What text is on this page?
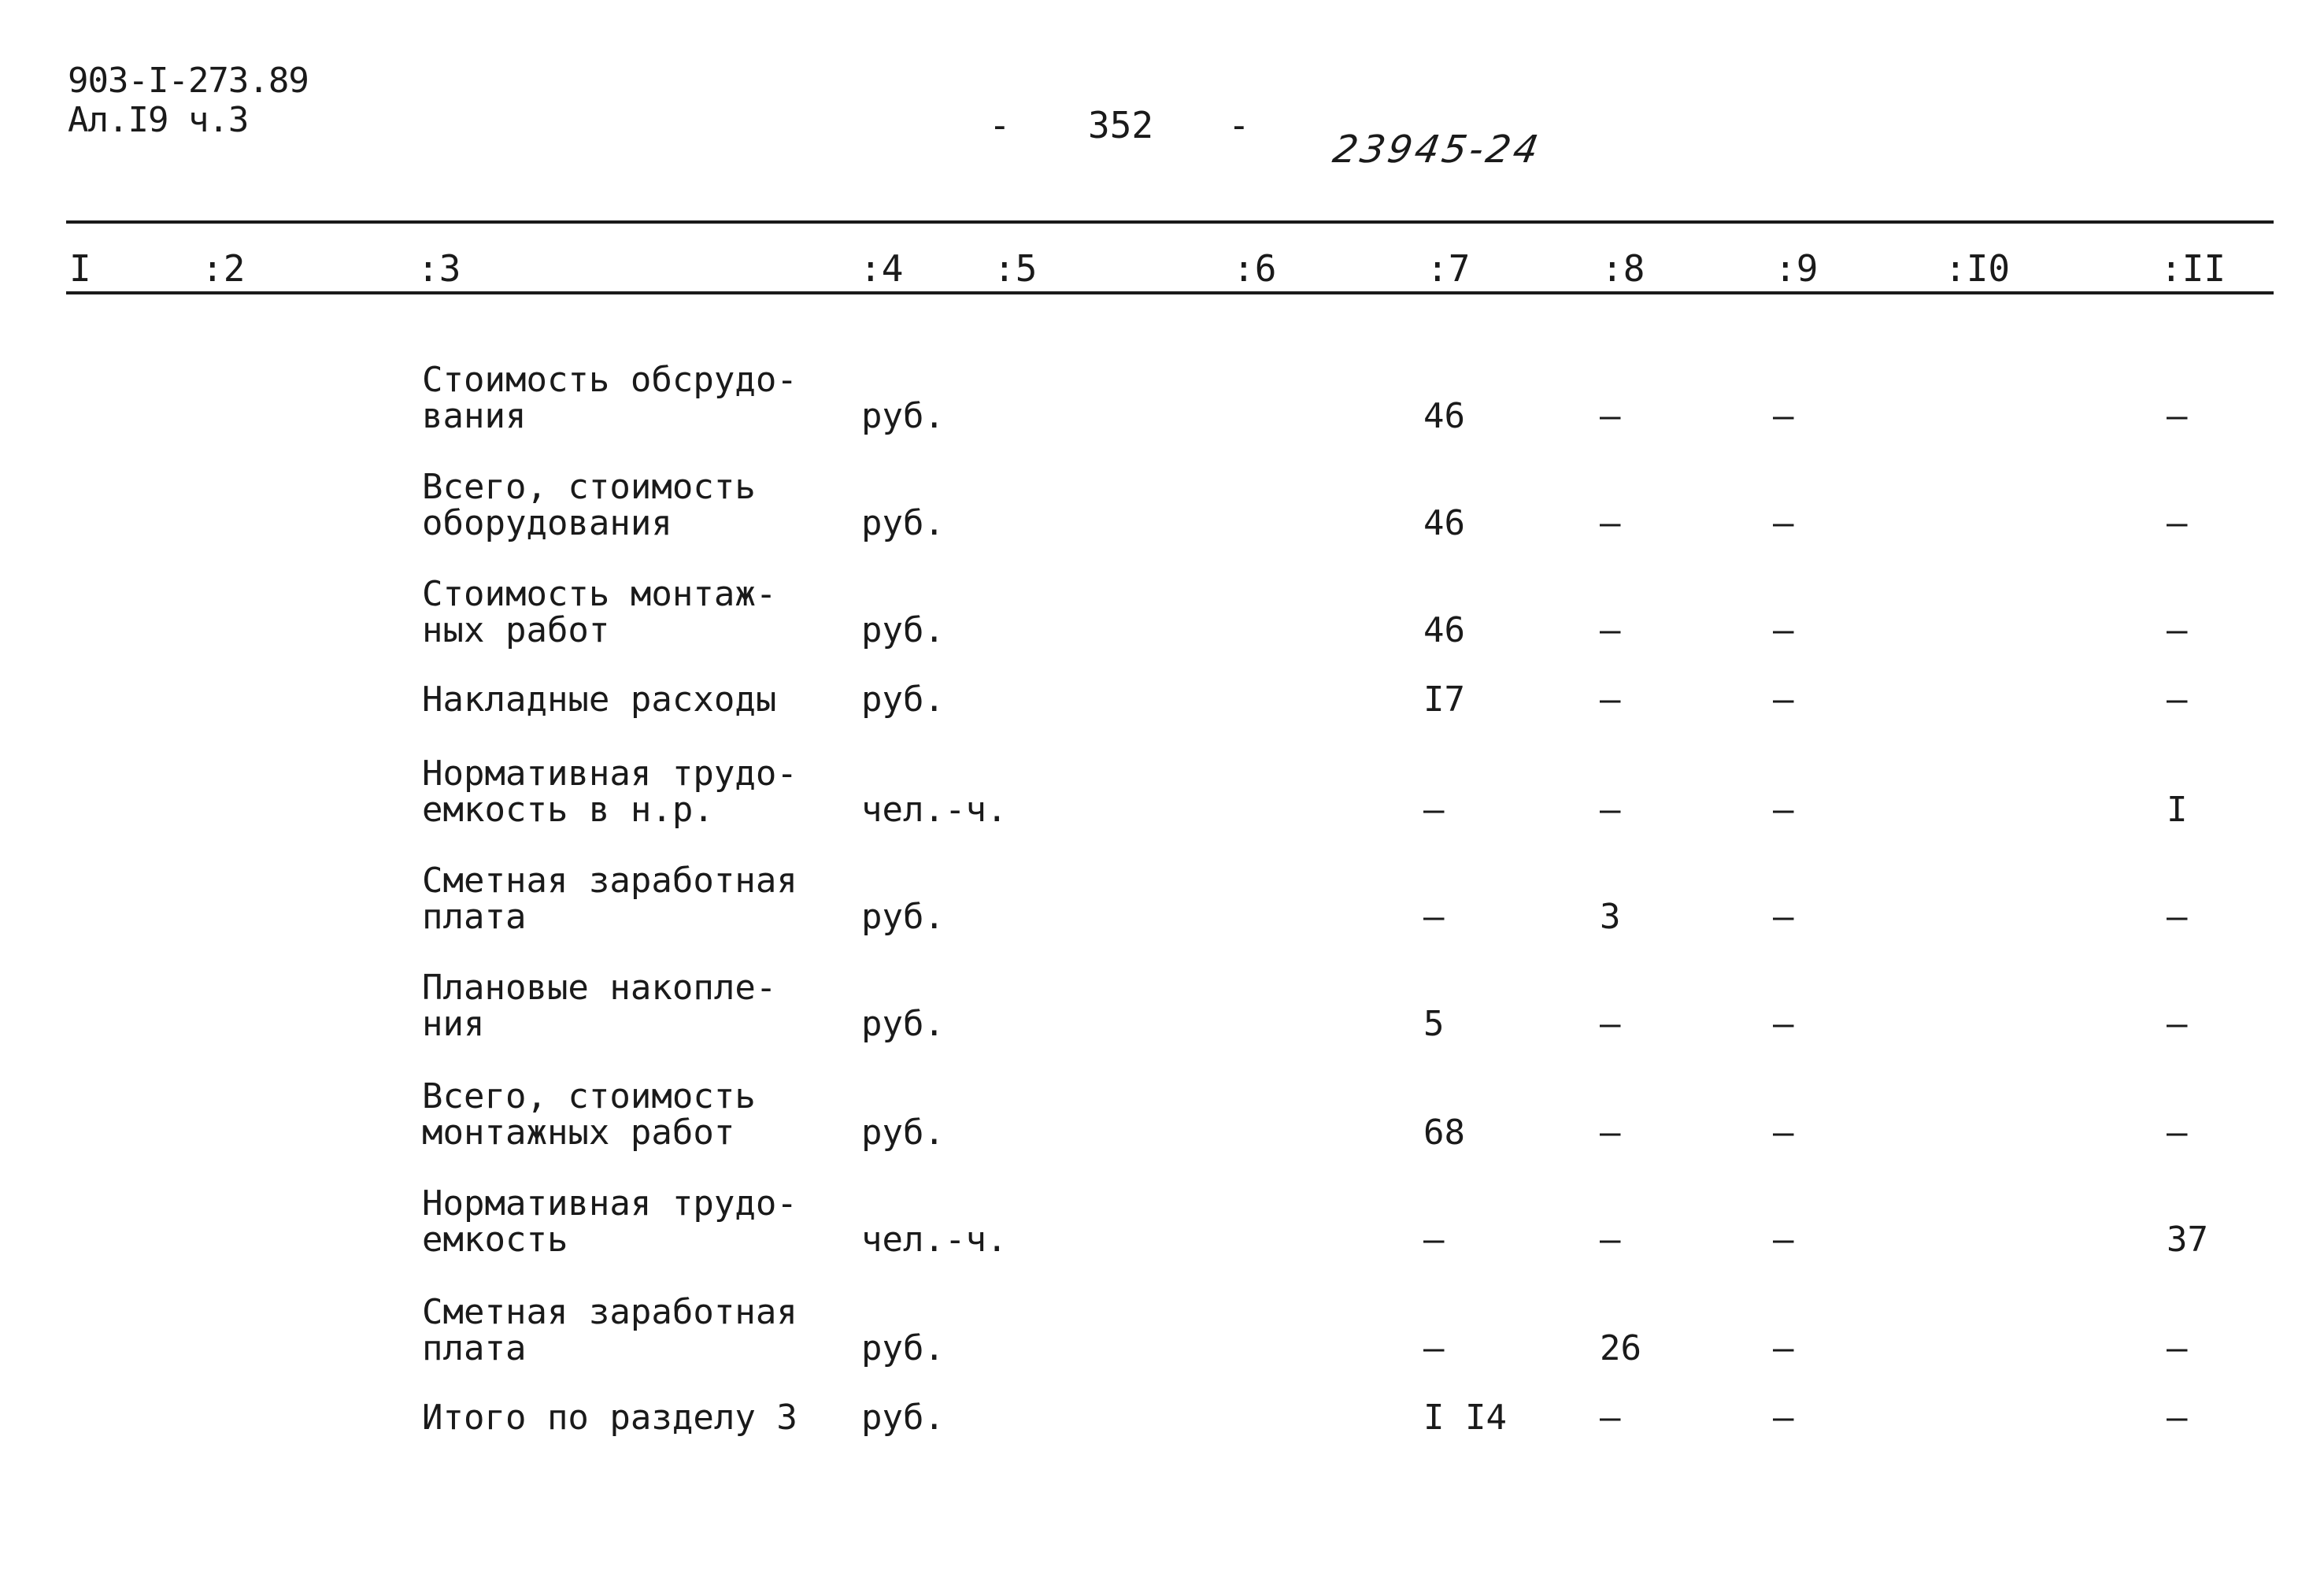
903-I-273.89
Ал.I9 ч.3	- 352 -
23945-24
I	:2	:3	:4 :5	:6	:7	:8	:9	:I0	:II
Стоимость обсрудо-
вания	руб.	46	–	–	–
Всего, стоимость
оборудования	руб.	46	–	–	–
Стоимость монтаж-
ных работ	руб.	46	–	–	–
Накладные расходы руб.	I7	–	–	–
Нормативная трудо-
емкость в н.р.	чел.-ч.	–	–	–	I
Сметная заработная
плата	руб.	–	3	–	–
Плановые накопле-
ния	руб.	5	–	–	–
Всего, стоимость
монтажных работ	руб.	68	–	–	–
Нормативная трудо-
емкость	чел.-ч.	–	–	–	37
Сметная заработная
плата	руб.	–	26	–	–
Итого по разделу 3 руб.	I I4	–	–	–
